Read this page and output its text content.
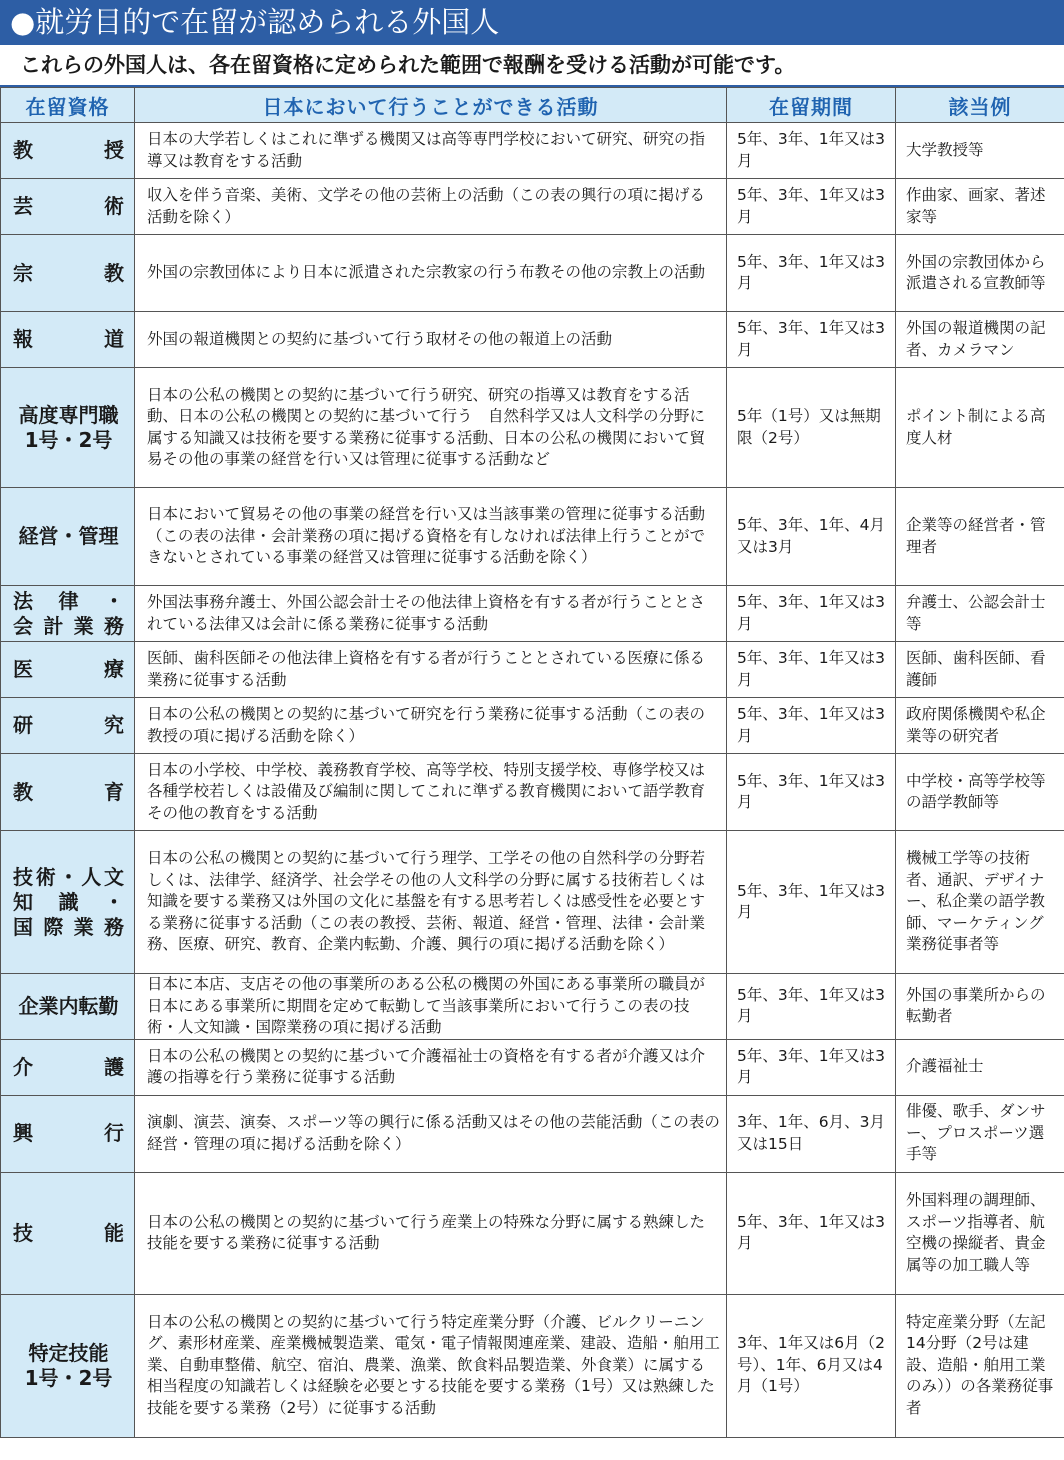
●就労目的で在留が認められる外国人
これらの外国人は、各在留資格に定められた範囲で報酬を受ける活動が可能です。
在留資格	日本において行うことができる活動	在留期間	該当例

教授	日本の大学若しくはこれに準ずる機関又は高等専門学校において研究、研究の指導又は教育をする活動	5年、3年、1年又は3月	大学教授等

芸術	収入を伴う音楽、美術、文学その他の芸術上の活動（この表の興行の項に掲げる活動を除く）	5年、3年、1年又は3月	作曲家、画家、著述家等

宗教	外国の宗教団体により日本に派遣された宗教家の行う布教その他の宗教上の活動	5年、3年、1年又は3月	外国の宗教団体から派遣される宣教師等

報道	外国の報道機関との契約に基づいて行う取材その他の報道上の活動	5年、3年、1年又は3月	外国の報道機関の記者、カメラマン

高度専門職
1号・2号	日本の公私の機関との契約に基づいて行う研究、研究の指導又は教育をする活動、日本の公私の機関との契約に基づいて行う　自然科学又は人文科学の分野に属する知識又は技術を要する業務に従事する活動、日本の公私の機関において貿易その他の事業の経営を行い又は管理に従事する活動など	5年（1号）又は無期限（2号）	ポイント制による高度人材

経営・管理	日本において貿易その他の事業の経営を行い又は当該事業の管理に従事する活動（この表の法律・会計業務の項に掲げる資格を有しなければ法律上行うことができないとされている事業の経営又は管理に従事する活動を除く）	5年、3年、1年、4月又は3月	企業等の経営者・管理者

法律・
会計業務	外国法事務弁護士、外国公認会計士その他法律上資格を有する者が行うこととされている法律又は会計に係る業務に従事する活動	5年、3年、1年又は3月	弁護士、公認会計士等

医療	医師、歯科医師その他法律上資格を有する者が行うこととされている医療に係る業務に従事する活動	5年、3年、1年又は3月	医師、歯科医師、看護師

研究	日本の公私の機関との契約に基づいて研究を行う業務に従事する活動（この表の教授の項に掲げる活動を除く）	5年、3年、1年又は3月	政府関係機関や私企業等の研究者

教育	日本の小学校、中学校、義務教育学校、高等学校、特別支援学校、専修学校又は各種学校若しくは設備及び編制に関してこれに準ずる教育機関において語学教育その他の教育をする活動	5年、3年、1年又は3月	中学校・高等学校等の語学教師等

技術・人文
知識・
国際業務	日本の公私の機関との契約に基づいて行う理学、工学その他の自然科学の分野若しくは、法律学、経済学、社会学その他の人文科学の分野に属する技術若しくは知識を要する業務又は外国の文化に基盤を有する思考若しくは感受性を必要とする業務に従事する活動（この表の教授、芸術、報道、経営・管理、法律・会計業務、医療、研究、教育、企業内転勤、介護、興行の項に掲げる活動を除く）	5年、3年、1年又は3月	機械工学等の技術者、通訳、デザイナー、私企業の語学教師、マーケティング業務従事者等

企業内転勤	日本に本店、支店その他の事業所のある公私の機関の外国にある事業所の職員が日本にある事業所に期間を定めて転勤して当該事業所において行うこの表の技術・人文知識・国際業務の項に掲げる活動	5年、3年、1年又は3月	外国の事業所からの転勤者

介護	日本の公私の機関との契約に基づいて介護福祉士の資格を有する者が介護又は介護の指導を行う業務に従事する活動	5年、3年、1年又は3月	介護福祉士

興行	演劇、演芸、演奏、スポーツ等の興行に係る活動又はその他の芸能活動（この表の経営・管理の項に掲げる活動を除く）	3年、1年、6月、3月又は15日	俳優、歌手、ダンサー、プロスポーツ選手等

技能	日本の公私の機関との契約に基づいて行う産業上の特殊な分野に属する熟練した技能を要する業務に従事する活動	5年、3年、1年又は3月	外国料理の調理師、スポーツ指導者、航空機の操縦者、貴金属等の加工職人等

特定技能
1号・2号	日本の公私の機関との契約に基づいて行う特定産業分野（介護、ビルクリーニング、素形材産業、産業機械製造業、電気・電子情報関連産業、建設、造船・舶用工業、自動車整備、航空、宿泊、農業、漁業、飲食料品製造業、外食業）に属する相当程度の知識若しくは経験を必要とする技能を要する業務（1号）又は熟練した技能を要する業務（2号）に従事する活動	3年、1年又は6月（2号）、1年、6月又は4月（1号）	特定産業分野（左記14分野（2号は建設、造船・舶用工業のみ））の各業務従事者
